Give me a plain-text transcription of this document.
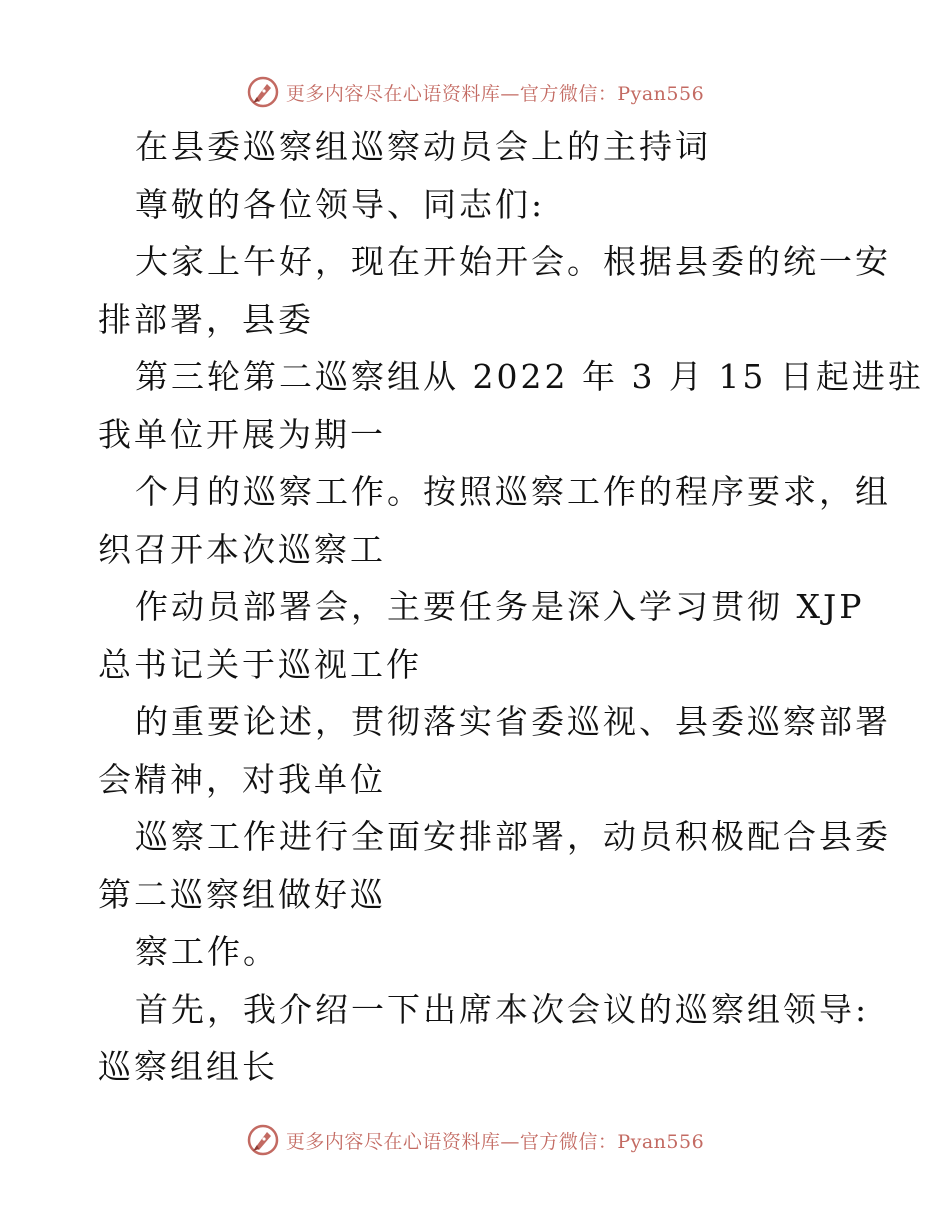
更多内容尽在心语资料库—官方微信：Pyan556

在县委巡察组巡察动员会上的主持词

尊敬的各位领导、同志们:

大家上午好，现在开始开会。根据县委的统一安

排部署，县委

第三轮第二巡察组从 2022 年 3 月 15 日起进驻

我单位开展为期一

个月的巡察工作。按照巡察工作的程序要求，组

织召开本次巡察工

作动员部署会，主要任务是深入学习贯彻 XJP

总书记关于巡视工作

的重要论述，贯彻落实省委巡视、县委巡察部署

会精神，对我单位

巡察工作进行全面安排部署，动员积极配合县委

第二巡察组做好巡

察工作。

首先，我介绍一下出席本次会议的巡察组领导:

巡察组组长

更多内容尽在心语资料库—官方微信：Pyan556
